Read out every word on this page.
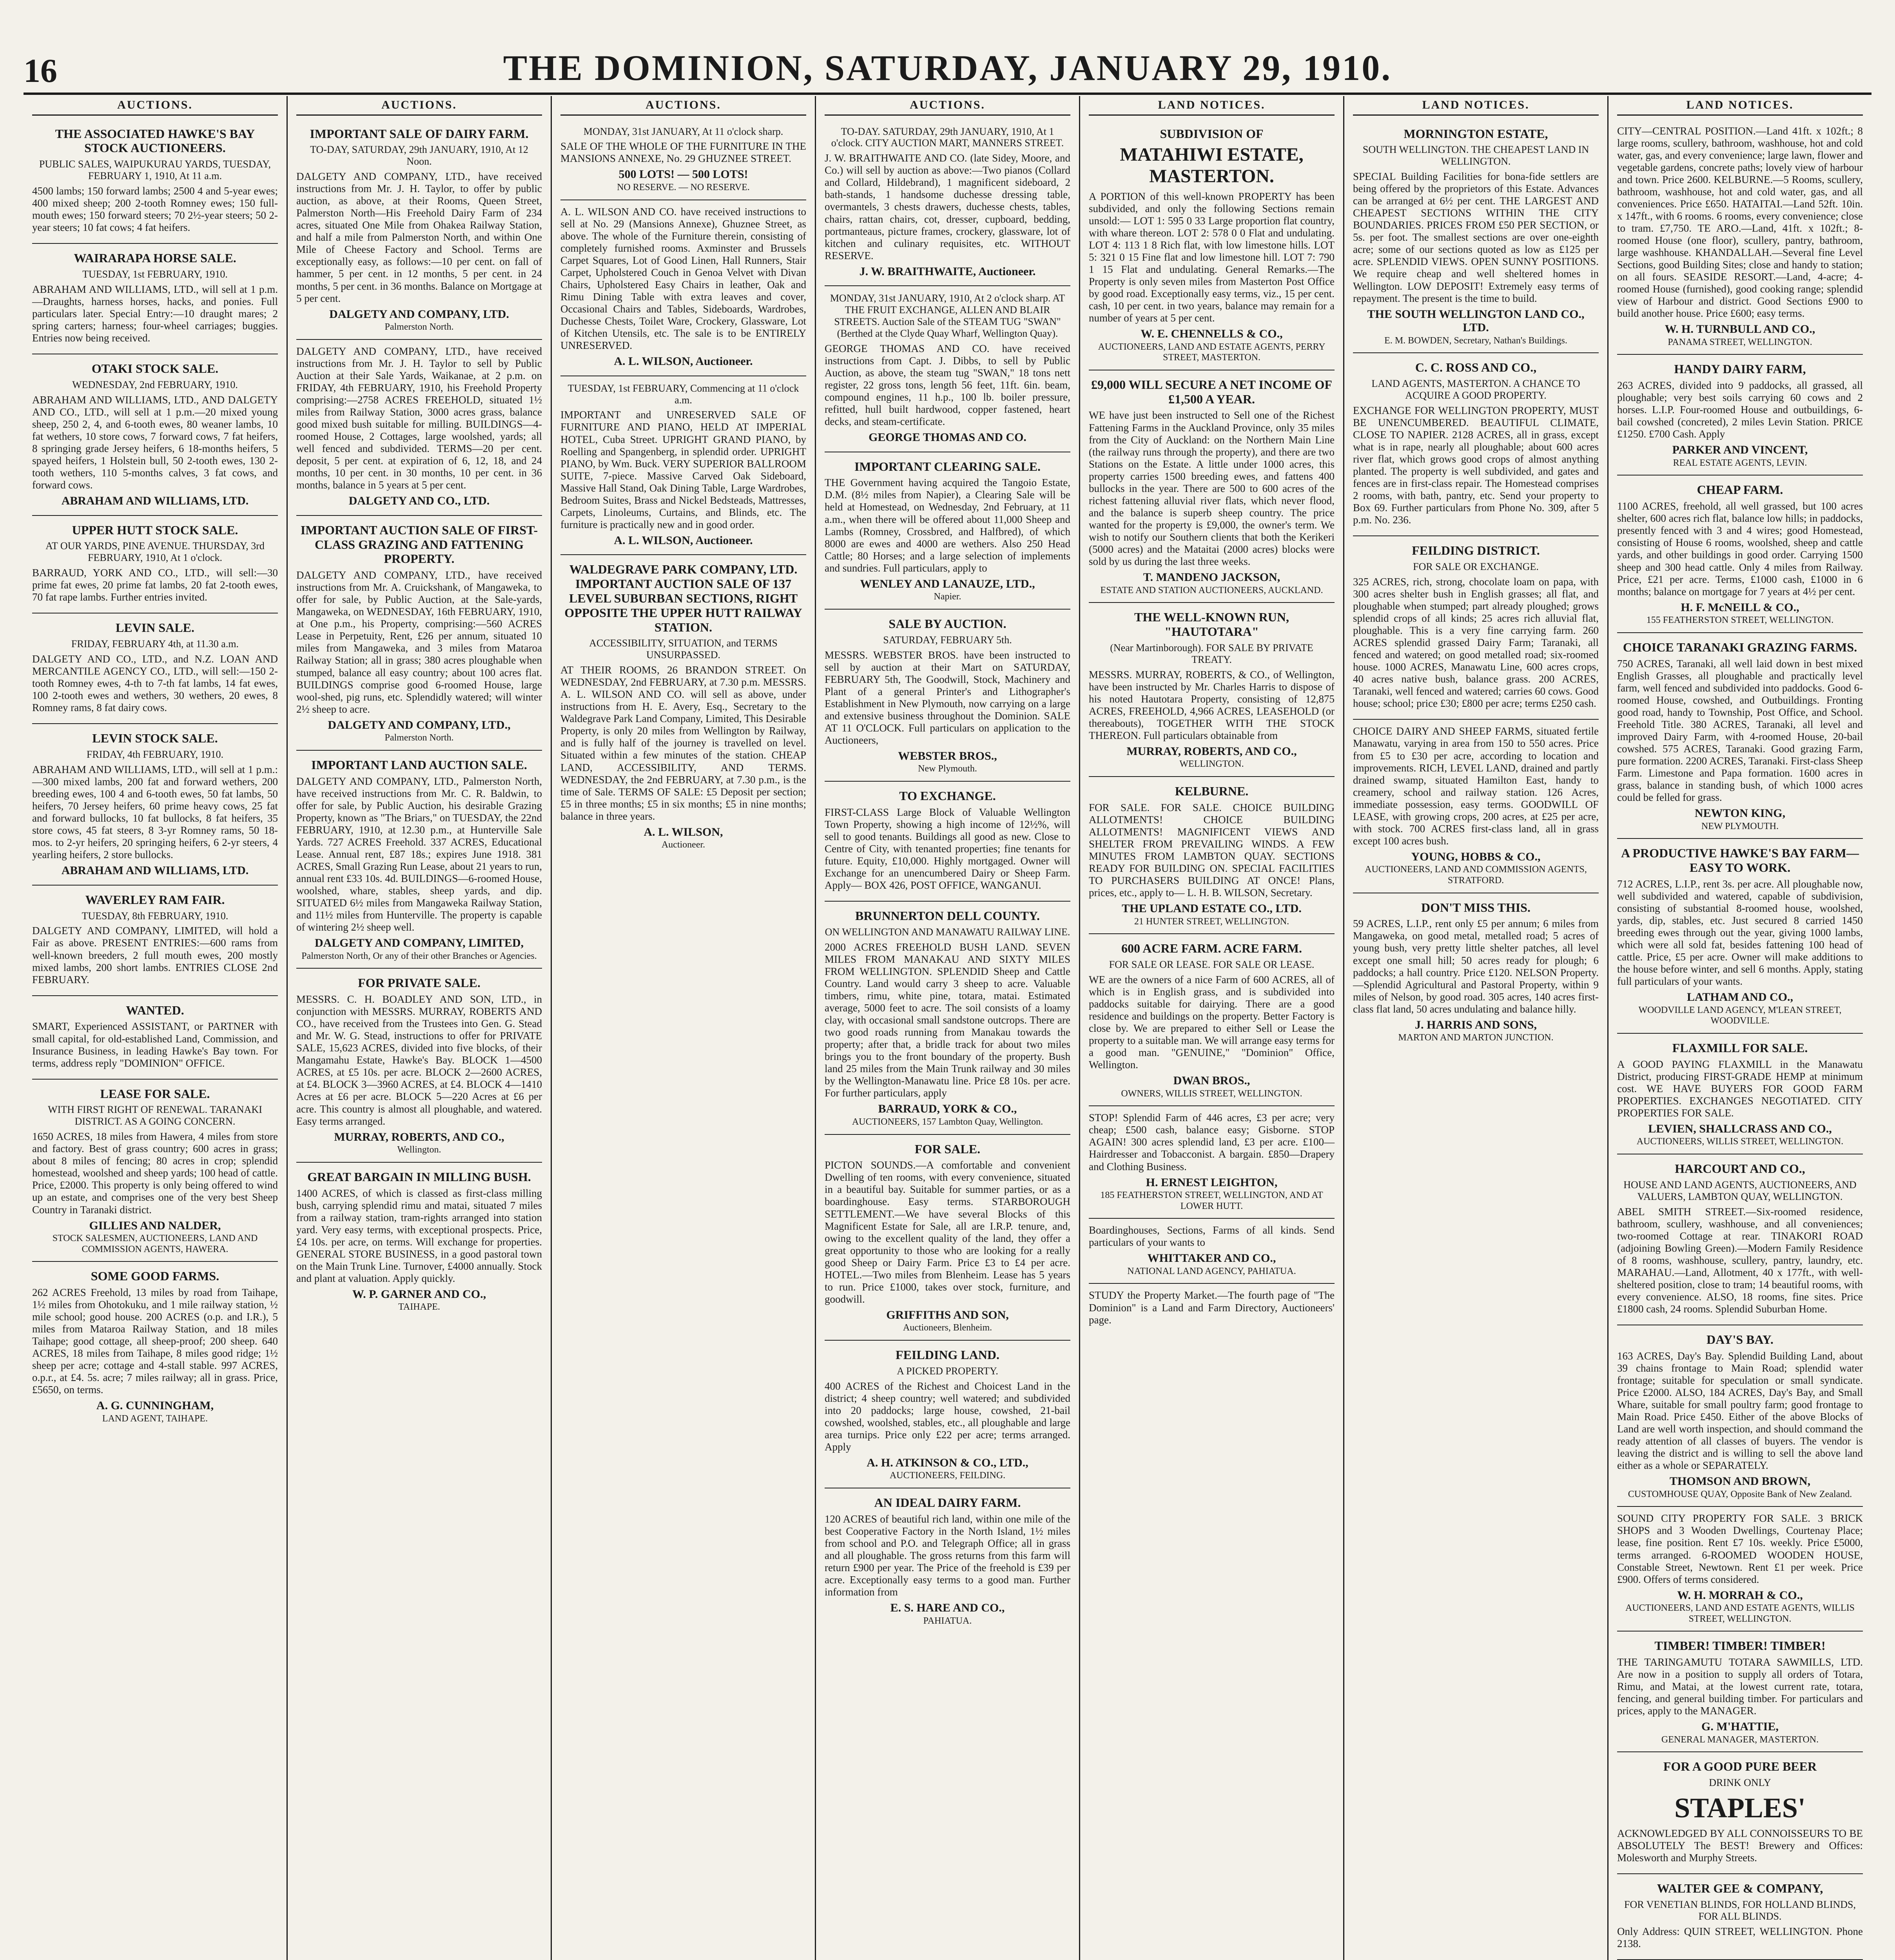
16	THE DOMINION, SATURDAY, JANUARY 29, 1910.
AUCTIONS.
THE ASSOCIATED HAWKE'S BAY STOCK AUCTIONEERS.
PUBLIC SALES, WAIPUKURAU YARDS, TUESDAY, FEBRUARY 1, 1910, At 11 a.m.
4500 lambs; 150 forward lambs; 2500 4 and 5-year ewes; 400 mixed sheep; 200 2-tooth Romney ewes; 150 full-mouth ewes; 150 forward steers; 70 2½-year steers; 50 2-year steers; 10 fat cows; 4 fat heifers.
WAIRARAPA HORSE SALE.
TUESDAY, 1st FEBRUARY, 1910.
ABRAHAM AND WILLIAMS, LTD., will sell at 1 p.m.—Draughts, harness horses, hacks, and ponies. Full particulars later. Special Entry:—10 draught mares; 2 spring carters; harness; four-wheel carriages; buggies. Entries now being received.
OTAKI STOCK SALE.
WEDNESDAY, 2nd FEBRUARY, 1910.
ABRAHAM AND WILLIAMS, LTD., AND DALGETY AND CO., LTD., will sell at 1 p.m.—20 mixed young sheep, 250 2, 4, and 6-tooth ewes, 80 weaner lambs, 10 fat wethers, 10 store cows, 7 forward cows, 7 fat heifers, 8 springing grade Jersey heifers, 6 18-months heifers, 5 spayed heifers, 1 Holstein bull, 50 2-tooth ewes, 130 2-tooth wethers, 110 5-months calves, 3 fat cows, and forward cows.
ABRAHAM AND WILLIAMS, LTD.
UPPER HUTT STOCK SALE.
AT OUR YARDS, PINE AVENUE. THURSDAY, 3rd FEBRUARY, 1910, At 1 o'clock.
BARRAUD, YORK AND CO., LTD., will sell:—30 prime fat ewes, 20 prime fat lambs, 20 fat 2-tooth ewes, 70 fat rape lambs. Further entries invited.
LEVIN SALE.
FRIDAY, FEBRUARY 4th, at 11.30 a.m.
DALGETY AND CO., LTD., and N.Z. LOAN AND MERCANTILE AGENCY CO., LTD., will sell:—150 2-tooth Romney ewes, 4-th to 7-th fat lambs, 14 fat ewes, 100 2-tooth ewes and wethers, 30 wethers, 20 ewes, 8 Romney rams, 8 fat dairy cows.
LEVIN STOCK SALE.
FRIDAY, 4th FEBRUARY, 1910.
ABRAHAM AND WILLIAMS, LTD., will sell at 1 p.m.:—300 mixed lambs, 200 fat and forward wethers, 200 breeding ewes, 100 4 and 6-tooth ewes, 50 fat lambs, 50 heifers, 70 Jersey heifers, 60 prime heavy cows, 25 fat and forward bullocks, 10 fat bullocks, 8 fat heifers, 35 store cows, 45 fat steers, 8 3-yr Romney rams, 50 18-mos. to 2-yr heifers, 20 springing heifers, 6 2-yr steers, 4 yearling heifers, 2 store bullocks.
ABRAHAM AND WILLIAMS, LTD.
WAVERLEY RAM FAIR.
TUESDAY, 8th FEBRUARY, 1910.
DALGETY AND COMPANY, LIMITED, will hold a Fair as above. PRESENT ENTRIES:—600 rams from well-known breeders, 2 full mouth ewes, 200 mostly mixed lambs, 200 short lambs. ENTRIES CLOSE 2nd FEBRUARY.
WANTED.
SMART, Experienced ASSISTANT, or PARTNER with small capital, for old-established Land, Commission, and Insurance Business, in leading Hawke's Bay town. For terms, address reply "DOMINION" OFFICE.
LEASE FOR SALE.
WITH FIRST RIGHT OF RENEWAL. TARANAKI DISTRICT. AS A GOING CONCERN.
1650 ACRES, 18 miles from Hawera, 4 miles from store and factory. Best of grass country; 600 acres in grass; about 8 miles of fencing; 80 acres in crop; splendid homestead, woolshed and sheep yards; 100 head of cattle. Price, £2000. This property is only being offered to wind up an estate, and comprises one of the very best Sheep Country in Taranaki district.
GILLIES AND NALDER,
STOCK SALESMEN, AUCTIONEERS, LAND AND COMMISSION AGENTS, HAWERA.
SOME GOOD FARMS.
262 ACRES Freehold, 13 miles by road from Taihape, 1½ miles from Ohotokuku, and 1 mile railway station, ½ mile school; good house. 200 ACRES (o.p. and I.R.), 5 miles from Mataroa Railway Station, and 18 miles Taihape; good cottage, all sheep-proof; 200 sheep. 640 ACRES, 18 miles from Taihape, 8 miles good ridge; 1½ sheep per acre; cottage and 4-stall stable. 997 ACRES, o.p.r., at £4. 5s. acre; 7 miles railway; all in grass. Price, £5650, on terms.
A. G. CUNNINGHAM,
LAND AGENT, TAIHAPE.
AUCTIONS.
IMPORTANT SALE OF DAIRY FARM.
TO-DAY, SATURDAY, 29th JANUARY, 1910, At 12 Noon.
DALGETY AND COMPANY, LTD., have received instructions from Mr. J. H. Taylor, to offer by public auction, as above, at their Rooms, Queen Street, Palmerston North—His Freehold Dairy Farm of 234 acres, situated One Mile from Ohakea Railway Station, and half a mile from Palmerston North, and within One Mile of Cheese Factory and School. Terms are exceptionally easy, as follows:—10 per cent. on fall of hammer, 5 per cent. in 12 months, 5 per cent. in 24 months, 5 per cent. in 36 months. Balance on Mortgage at 5 per cent.
DALGETY AND COMPANY, LTD.
Palmerston North.
DALGETY AND COMPANY, LTD., have received instructions from Mr. J. H. Taylor to sell by Public Auction at their Sale Yards, Waikanae, at 2 p.m. on FRIDAY, 4th FEBRUARY, 1910, his Freehold Property comprising:—2758 ACRES FREEHOLD, situated 1½ miles from Railway Station, 3000 acres grass, balance good mixed bush suitable for milling. BUILDINGS—4-roomed House, 2 Cottages, large woolshed, yards; all well fenced and subdivided. TERMS—20 per cent. deposit, 5 per cent. at expiration of 6, 12, 18, and 24 months, 10 per cent. in 30 months, 10 per cent. in 36 months, balance in 5 years at 5 per cent.
DALGETY AND CO., LTD.
IMPORTANT AUCTION SALE OF FIRST-CLASS GRAZING AND FATTENING PROPERTY.
DALGETY AND COMPANY, LTD., have received instructions from Mr. A. Cruickshank, of Mangaweka, to offer for sale, by Public Auction, at the Sale-yards, Mangaweka, on WEDNESDAY, 16th FEBRUARY, 1910, at One p.m., his Property, comprising:—560 ACRES Lease in Perpetuity, Rent, £26 per annum, situated 10 miles from Mangaweka, and 3 miles from Mataroa Railway Station; all in grass; 380 acres ploughable when stumped, balance all easy country; about 100 acres flat. BUILDINGS comprise good 6-roomed House, large wool-shed, pig runs, etc. Splendidly watered; will winter 2½ sheep to acre.
DALGETY AND COMPANY, LTD.,
Palmerston North.
IMPORTANT LAND AUCTION SALE.
DALGETY AND COMPANY, LTD., Palmerston North, have received instructions from Mr. C. R. Baldwin, to offer for sale, by Public Auction, his desirable Grazing Property, known as "The Briars," on TUESDAY, the 22nd FEBRUARY, 1910, at 12.30 p.m., at Hunterville Sale Yards. 727 ACRES Freehold. 337 ACRES, Educational Lease. Annual rent, £87 18s.; expires June 1918. 381 ACRES, Small Grazing Run Lease, about 21 years to run, annual rent £33 10s. 4d. BUILDINGS—6-roomed House, woolshed, whare, stables, sheep yards, and dip. SITUATED 6½ miles from Mangaweka Railway Station, and 11½ miles from Hunterville. The property is capable of wintering 2½ sheep well.
DALGETY AND COMPANY, LIMITED,
Palmerston North, Or any of their other Branches or Agencies.
FOR PRIVATE SALE.
MESSRS. C. H. BOADLEY AND SON, LTD., in conjunction with MESSRS. MURRAY, ROBERTS AND CO., have received from the Trustees into Gen. G. Stead and Mr. W. G. Stead, instructions to offer for PRIVATE SALE, 15,623 ACRES, divided into five blocks, of their Mangamahu Estate, Hawke's Bay. BLOCK 1—4500 ACRES, at £5 10s. per acre. BLOCK 2—2600 ACRES, at £4. BLOCK 3—3960 ACRES, at £4. BLOCK 4—1410 Acres at £6 per acre. BLOCK 5—220 Acres at £6 per acre. This country is almost all ploughable, and watered. Easy terms arranged.
MURRAY, ROBERTS, AND CO.,
Wellington.
GREAT BARGAIN IN MILLING BUSH.
1400 ACRES, of which is classed as first-class milling bush, carrying splendid rimu and matai, situated 7 miles from a railway station, tram-rights arranged into station yard. Very easy terms, with exceptional prospects. Price, £4 10s. per acre, on terms. Will exchange for properties. GENERAL STORE BUSINESS, in a good pastoral town on the Main Trunk Line. Turnover, £4000 annually. Stock and plant at valuation. Apply quickly.
W. P. GARNER AND CO.,
TAIHAPE.
AUCTIONS.
MONDAY, 31st JANUARY, At 11 o'clock sharp.
SALE OF THE WHOLE OF THE FURNITURE IN THE MANSIONS ANNEXE, No. 29 GHUZNEE STREET.
500 LOTS! — 500 LOTS!
NO RESERVE. — NO RESERVE.
A. L. WILSON AND CO. have received instructions to sell at No. 29 (Mansions Annexe), Ghuznee Street, as above. The whole of the Furniture therein, consisting of completely furnished rooms. Axminster and Brussels Carpet Squares, Lot of Good Linen, Hall Runners, Stair Carpet, Upholstered Couch in Genoa Velvet with Divan Chairs, Upholstered Easy Chairs in leather, Oak and Rimu Dining Table with extra leaves and cover, Occasional Chairs and Tables, Sideboards, Wardrobes, Duchesse Chests, Toilet Ware, Crockery, Glassware, Lot of Kitchen Utensils, etc. The sale is to be ENTIRELY UNRESERVED.
A. L. WILSON, Auctioneer.
TUESDAY, 1st FEBRUARY, Commencing at 11 o'clock a.m.
IMPORTANT and UNRESERVED SALE OF FURNITURE AND PIANO, HELD AT IMPERIAL HOTEL, Cuba Street. UPRIGHT GRAND PIANO, by Roelling and Spangenberg, in splendid order. UPRIGHT PIANO, by Wm. Buck. VERY SUPERIOR BALLROOM SUITE, 7-piece. Massive Carved Oak Sideboard, Massive Hall Stand, Oak Dining Table, Large Wardrobes, Bedroom Suites, Brass and Nickel Bedsteads, Mattresses, Carpets, Linoleums, Curtains, and Blinds, etc. The furniture is practically new and in good order.
A. L. WILSON, Auctioneer.
WALDEGRAVE PARK COMPANY, LTD. IMPORTANT AUCTION SALE OF 137 LEVEL SUBURBAN SECTIONS, RIGHT OPPOSITE THE UPPER HUTT RAILWAY STATION.
ACCESSIBILITY, SITUATION, and TERMS UNSURPASSED.
AT THEIR ROOMS, 26 BRANDON STREET. On WEDNESDAY, 2nd FEBRUARY, at 7.30 p.m. MESSRS. A. L. WILSON AND CO. will sell as above, under instructions from H. E. Avery, Esq., Secretary to the Waldegrave Park Land Company, Limited, This Desirable Property, is only 20 miles from Wellington by Railway, and is fully half of the journey is travelled on level. Situated within a few minutes of the station. CHEAP LAND, ACCESSIBILITY, AND TERMS. WEDNESDAY, the 2nd FEBRUARY, at 7.30 p.m., is the time of Sale. TERMS OF SALE: £5 Deposit per section; £5 in three months; £5 in six months; £5 in nine months; balance in three years.
A. L. WILSON,
Auctioneer.
AUCTIONS.
TO-DAY. SATURDAY, 29th JANUARY, 1910, At 1 o'clock. CITY AUCTION MART, MANNERS STREET.
J. W. BRAITHWAITE AND CO. (late Sidey, Moore, and Co.) will sell by auction as above:—Two pianos (Collard and Collard, Hildebrand), 1 magnificent sideboard, 2 bath-stands, 1 handsome duchesse dressing table, overmantels, 3 chests drawers, duchesse chests, tables, chairs, rattan chairs, cot, dresser, cupboard, bedding, portmanteaus, picture frames, crockery, glassware, lot of kitchen and culinary requisites, etc. WITHOUT RESERVE.
J. W. BRAITHWAITE, Auctioneer.
MONDAY, 31st JANUARY, 1910, At 2 o'clock sharp. AT THE FRUIT EXCHANGE, ALLEN AND BLAIR STREETS. Auction Sale of the STEAM TUG "SWAN" (Berthed at the Clyde Quay Wharf, Wellington Quay).
GEORGE THOMAS AND CO. have received instructions from Capt. J. Dibbs, to sell by Public Auction, as above, the steam tug "SWAN," 18 tons nett register, 22 gross tons, length 56 feet, 11ft. 6in. beam, compound engines, 11 h.p., 100 lb. boiler pressure, refitted, hull built hardwood, copper fastened, heart decks, and steam-certificate.
GEORGE THOMAS AND CO.
IMPORTANT CLEARING SALE.
THE Government having acquired the Tangoio Estate, D.M. (8½ miles from Napier), a Clearing Sale will be held at Homestead, on Wednesday, 2nd February, at 11 a.m., when there will be offered about 11,000 Sheep and Lambs (Romney, Crossbred, and Halfbred), of which 8000 are ewes and 4000 are wethers. Also 250 Head Cattle; 80 Horses; and a large selection of implements and sundries. Full particulars, apply to
WENLEY AND LANAUZE, LTD.,
Napier.
SALE BY AUCTION.
SATURDAY, FEBRUARY 5th.
MESSRS. WEBSTER BROS. have been instructed to sell by auction at their Mart on SATURDAY, FEBRUARY 5th, The Goodwill, Stock, Machinery and Plant of a general Printer's and Lithographer's Establishment in New Plymouth, now carrying on a large and extensive business throughout the Dominion. SALE AT 11 O'CLOCK. Full particulars on application to the Auctioneers,
WEBSTER BROS.,
New Plymouth.
TO EXCHANGE.
FIRST-CLASS Large Block of Valuable Wellington Town Property, showing a high income of 12½%, will sell to good tenants. Buildings all good as new. Close to Centre of City, with tenanted properties; fine tenants for future. Equity, £10,000. Highly mortgaged. Owner will Exchange for an unencumbered Dairy or Sheep Farm. Apply— BOX 426, POST OFFICE, WANGANUI.
BRUNNERTON DELL COUNTY.
ON WELLINGTON AND MANAWATU RAILWAY LINE.
2000 ACRES FREEHOLD BUSH LAND. SEVEN MILES FROM MANAKAU AND SIXTY MILES FROM WELLINGTON. SPLENDID Sheep and Cattle Country. Land would carry 3 sheep to acre. Valuable timbers, rimu, white pine, totara, matai. Estimated average, 5000 feet to acre. The soil consists of a loamy clay, with occasional small sandstone outcrops. There are two good roads running from Manakau towards the property; after that, a bridle track for about two miles brings you to the front boundary of the property. Bush land 25 miles from the Main Trunk railway and 30 miles by the Wellington-Manawatu line. Price £8 10s. per acre. For further particulars, apply
BARRAUD, YORK & CO.,
AUCTIONEERS, 157 Lambton Quay, Wellington.
FOR SALE.
PICTON SOUNDS.—A comfortable and convenient Dwelling of ten rooms, with every convenience, situated in a beautiful bay. Suitable for summer parties, or as a boardinghouse. Easy terms. STARBOROUGH SETTLEMENT.—We have several Blocks of this Magnificent Estate for Sale, all are I.R.P. tenure, and, owing to the excellent quality of the land, they offer a great opportunity to those who are looking for a really good Sheep or Dairy Farm. Price £3 to £4 per acre. HOTEL.—Two miles from Blenheim. Lease has 5 years to run. Price £1000, takes over stock, furniture, and goodwill.
GRIFFITHS AND SON,
Auctioneers, Blenheim.
FEILDING LAND.
A PICKED PROPERTY.
400 ACRES of the Richest and Choicest Land in the district; 4 sheep country; well watered; and subdivided into 20 paddocks; large house, cowshed, 21-bail cowshed, woolshed, stables, etc., all ploughable and large area turnips. Price only £22 per acre; terms arranged. Apply
A. H. ATKINSON & CO., LTD.,
AUCTIONEERS, FEILDING.
AN IDEAL DAIRY FARM.
120 ACRES of beautiful rich land, within one mile of the best Cooperative Factory in the North Island, 1½ miles from school and P.O. and Telegraph Office; all in grass and all ploughable. The gross returns from this farm will return £900 per year. The Price of the freehold is £39 per acre. Exceptionally easy terms to a good man. Further information from
E. S. HARE AND CO.,
PAHIATUA.
LAND NOTICES.
SUBDIVISION OF
MATAHIWI ESTATE, MASTERTON.
A PORTION of this well-known PROPERTY has been subdivided, and only the following Sections remain unsold:— LOT 1: 595 0 33 Large proportion flat country, with whare thereon. LOT 2: 578 0 0 Flat and undulating. LOT 4: 113 1 8 Rich flat, with low limestone hills. LOT 5: 321 0 15 Fine flat and low limestone hill. LOT 7: 790 1 15 Flat and undulating. General Remarks.—The Property is only seven miles from Masterton Post Office by good road. Exceptionally easy terms, viz., 15 per cent. cash, 10 per cent. in two years, balance may remain for a number of years at 5 per cent.
W. E. CHENNELLS & CO.,
AUCTIONEERS, LAND AND ESTATE AGENTS, PERRY STREET, MASTERTON.
£9,000 WILL SECURE A NET INCOME OF £1,500 A YEAR.
WE have just been instructed to Sell one of the Richest Fattening Farms in the Auckland Province, only 35 miles from the City of Auckland: on the Northern Main Line (the railway runs through the property), and there are two Stations on the Estate. A little under 1000 acres, this property carries 1500 breeding ewes, and fattens 400 bullocks in the year. There are 500 to 600 acres of the richest fattening alluvial river flats, which never flood, and the balance is superb sheep country. The price wanted for the property is £9,000, the owner's term. We wish to notify our Southern clients that both the Kerikeri (5000 acres) and the Mataitai (2000 acres) blocks were sold by us during the last three weeks.
T. MANDENO JACKSON,
ESTATE AND STATION AUCTIONEERS, AUCKLAND.
THE WELL-KNOWN RUN, "HAUTOTARA"
(Near Martinborough). FOR SALE BY PRIVATE TREATY.
MESSRS. MURRAY, ROBERTS, & CO., of Wellington, have been instructed by Mr. Charles Harris to dispose of his noted Hautotara Property, consisting of 12,875 ACRES, FREEHOLD, 4,966 ACRES, LEASEHOLD (or thereabouts), TOGETHER WITH THE STOCK THEREON. Full particulars obtainable from
MURRAY, ROBERTS, AND CO.,
WELLINGTON.
KELBURNE.
FOR SALE. FOR SALE. CHOICE BUILDING ALLOTMENTS! CHOICE BUILDING ALLOTMENTS! MAGNIFICENT VIEWS AND SHELTER FROM PREVAILING WINDS. A FEW MINUTES FROM LAMBTON QUAY. SECTIONS READY FOR BUILDING ON. SPECIAL FACILITIES TO PURCHASERS BUILDING AT ONCE! Plans, prices, etc., apply to— L. H. B. WILSON, Secretary.
THE UPLAND ESTATE CO., LTD.
21 HUNTER STREET, WELLINGTON.
600 ACRE FARM. ACRE FARM.
FOR SALE OR LEASE. FOR SALE OR LEASE.
WE are the owners of a nice Farm of 600 ACRES, all of which is in English grass, and is subdivided into paddocks suitable for dairying. There are a good residence and buildings on the property. Better Factory is close by. We are prepared to either Sell or Lease the property to a suitable man. We will arrange easy terms for a good man. "GENUINE," "Dominion" Office, Wellington.
DWAN BROS.,
OWNERS, WILLIS STREET, WELLINGTON.
STOP! Splendid Farm of 446 acres, £3 per acre; very cheap; £500 cash, balance easy; Gisborne. STOP AGAIN! 300 acres splendid land, £3 per acre. £100—Hairdresser and Tobacconist. A bargain. £850—Drapery and Clothing Business.
H. ERNEST LEIGHTON,
185 FEATHERSTON STREET, WELLINGTON, AND AT LOWER HUTT.
Boardinghouses, Sections, Farms of all kinds. Send particulars of your wants to
WHITTAKER AND CO.,
NATIONAL LAND AGENCY, PAHIATUA.
STUDY the Property Market.—The fourth page of "The Dominion" is a Land and Farm Directory, Auctioneers' page.
LAND NOTICES.
MORNINGTON ESTATE,
SOUTH WELLINGTON. THE CHEAPEST LAND IN WELLINGTON.
SPECIAL Building Facilities for bona-fide settlers are being offered by the proprietors of this Estate. Advances can be arranged at 6½ per cent. THE LARGEST AND CHEAPEST SECTIONS WITHIN THE CITY BOUNDARIES. PRICES FROM £50 PER SECTION, or 5s. per foot. The smallest sections are over one-eighth acre; some of our sections quoted as low as £125 per acre. SPLENDID VIEWS. OPEN SUNNY POSITIONS. We require cheap and well sheltered homes in Wellington. LOW DEPOSIT! Extremely easy terms of repayment. The present is the time to build.
THE SOUTH WELLINGTON LAND CO., LTD.
E. M. BOWDEN, Secretary, Nathan's Buildings.
C. C. ROSS AND CO.,
LAND AGENTS, MASTERTON. A CHANCE TO ACQUIRE A GOOD PROPERTY.
EXCHANGE FOR WELLINGTON PROPERTY, MUST BE UNENCUMBERED. BEAUTIFUL CLIMATE, CLOSE TO NAPIER. 2128 ACRES, all in grass, except what is in rape, nearly all ploughable; about 600 acres river flat, which grows good crops of almost anything planted. The property is well subdivided, and gates and fences are in first-class repair. The Homestead comprises 2 rooms, with bath, pantry, etc. Send your property to Box 69. Further particulars from Phone No. 309, after 5 p.m. No. 236.
FEILDING DISTRICT.
FOR SALE OR EXCHANGE.
325 ACRES, rich, strong, chocolate loam on papa, with 300 acres shelter bush in English grasses; all flat, and ploughable when stumped; part already ploughed; grows splendid crops of all kinds; 25 acres rich alluvial flat, ploughable. This is a very fine carrying farm. 260 ACRES splendid grassed Dairy Farm; Taranaki, all fenced and watered; on good metalled road; six-roomed house. 1000 ACRES, Manawatu Line, 600 acres crops, 40 acres native bush, balance grass. 200 ACRES, Taranaki, well fenced and watered; carries 60 cows. Good house; school; price £30; £800 per acre; terms £250 cash.
CHOICE DAIRY AND SHEEP FARMS, situated fertile Manawatu, varying in area from 150 to 550 acres. Price from £5 to £30 per acre, according to location and improvements. RICH, LEVEL LAND, drained and partly drained swamp, situated Hamilton East, handy to creamery, school and railway station. 126 Acres, immediate possession, easy terms. GOODWILL OF LEASE, with growing crops, 200 acres, at £25 per acre, with stock. 700 ACRES first-class land, all in grass except 100 acres bush.
YOUNG, HOBBS & CO.,
AUCTIONEERS, LAND AND COMMISSION AGENTS, STRATFORD.
DON'T MISS THIS.
59 ACRES, L.I.P., rent only £5 per annum; 6 miles from Mangaweka, on good metal, metalled road; 5 acres of young bush, very pretty little shelter patches, all level except one small hill; 50 acres ready for plough; 6 paddocks; a hall country. Price £120. NELSON Property.—Splendid Agricultural and Pastoral Property, within 9 miles of Nelson, by good road. 305 acres, 140 acres first-class flat land, 50 acres undulating and balance hilly.
J. HARRIS AND SONS,
MARTON AND MARTON JUNCTION.
LAND NOTICES.
CITY—CENTRAL POSITION.—Land 41ft. x 102ft.; 8 large rooms, scullery, bathroom, washhouse, hot and cold water, gas, and every convenience; large lawn, flower and vegetable gardens, concrete paths; lovely view of harbour and town. Price 2600. KELBURNE.—5 Rooms, scullery, bathroom, washhouse, hot and cold water, gas, and all conveniences. Price £650. HATAITAI.—Land 52ft. 10in. x 147ft., with 6 rooms. 6 rooms, every convenience; close to tram. £7,750. TE ARO.—Land, 41ft. x 102ft.; 8-roomed House (one floor), scullery, pantry, bathroom, large washhouse. KHANDALLAH.—Several fine Level Sections, good Building Sites; close and handy to station; on all fours. SEASIDE RESORT.—Land, 4-acre; 4-roomed House (furnished), good cooking range; splendid view of Harbour and district. Good Sections £900 to build another house. Price £600; easy terms.
W. H. TURNBULL AND CO.,
PANAMA STREET, WELLINGTON.
HANDY DAIRY FARM,
263 ACRES, divided into 9 paddocks, all grassed, all ploughable; very best soils carrying 60 cows and 2 horses. L.I.P. Four-roomed House and outbuildings, 6-bail cowshed (concreted), 2 miles Levin Station. PRICE £1250. £700 Cash. Apply
PARKER AND VINCENT,
REAL ESTATE AGENTS, LEVIN.
CHEAP FARM.
1100 ACRES, freehold, all well grassed, but 100 acres shelter, 600 acres rich flat, balance low hills; in paddocks, presently fenced with 3 and 4 wires; good Homestead, consisting of House 6 rooms, woolshed, sheep and cattle yards, and other buildings in good order. Carrying 1500 sheep and 300 head cattle. Only 4 miles from Railway. Price, £21 per acre. Terms, £1000 cash, £1000 in 6 months; balance on mortgage for 7 years at 4½ per cent.
H. F. McNEILL & CO.,
155 FEATHERSTON STREET, WELLINGTON.
CHOICE TARANAKI GRAZING FARMS.
750 ACRES, Taranaki, all well laid down in best mixed English Grasses, all ploughable and practically level farm, well fenced and subdivided into paddocks. Good 6-roomed House, cowshed, and Outbuildings. Fronting good road, handy to Township, Post Office, and School. Freehold Title. 380 ACRES, Taranaki, all level and improved Dairy Farm, with 4-roomed House, 20-bail cowshed. 575 ACRES, Taranaki. Good grazing Farm, pure formation. 2200 ACRES, Taranaki. First-class Sheep Farm. Limestone and Papa formation. 1600 acres in grass, balance in standing bush, of which 1000 acres could be felled for grass.
NEWTON KING,
NEW PLYMOUTH.
A PRODUCTIVE HAWKE'S BAY FARM—EASY TO WORK.
712 ACRES, L.I.P., rent 3s. per acre. All ploughable now, well subdivided and watered, capable of subdivision, consisting of substantial 8-roomed house, woolshed, yards, dip, stables, etc. Just secured 8 carried 1450 breeding ewes through out the year, giving 1000 lambs, which were all sold fat, besides fattening 100 head of cattle. Price, £5 per acre. Owner will make additions to the house before winter, and sell 6 months. Apply, stating full particulars of your wants.
LATHAM AND CO.,
WOODVILLE LAND AGENCY, M'LEAN STREET, WOODVILLE.
FLAXMILL FOR SALE.
A GOOD PAYING FLAXMILL in the Manawatu District, producing FIRST-GRADE HEMP at minimum cost. WE HAVE BUYERS FOR GOOD FARM PROPERTIES. EXCHANGES NEGOTIATED. CITY PROPERTIES FOR SALE.
LEVIEN, SHALLCRASS AND CO.,
AUCTIONEERS, WILLIS STREET, WELLINGTON.
HARCOURT AND CO.,
HOUSE AND LAND AGENTS, AUCTIONEERS, AND VALUERS, LAMBTON QUAY, WELLINGTON.
ABEL SMITH STREET.—Six-roomed residence, bathroom, scullery, washhouse, and all conveniences; two-roomed Cottage at rear. TINAKORI ROAD (adjoining Bowling Green).—Modern Family Residence of 8 rooms, washhouse, scullery, pantry, laundry, etc. MARAHAU.—Land, Allotment, 40 x 177ft., with well-sheltered position, close to tram; 14 beautiful rooms, with every convenience. ALSO, 18 rooms, fine sites. Price £1800 cash, 24 rooms. Splendid Suburban Home.
DAY'S BAY.
163 ACRES, Day's Bay. Splendid Building Land, about 39 chains frontage to Main Road; splendid water frontage; suitable for speculation or small syndicate. Price £2000. ALSO, 184 ACRES, Day's Bay, and Small Whare, suitable for small poultry farm; good frontage to Main Road. Price £450. Either of the above Blocks of Land are well worth inspection, and should command the ready attention of all classes of buyers. The vendor is leaving the district and is willing to sell the above land either as a whole or SEPARATELY.
THOMSON AND BROWN,
CUSTOMHOUSE QUAY, Opposite Bank of New Zealand.
SOUND CITY PROPERTY FOR SALE. 3 BRICK SHOPS and 3 Wooden Dwellings, Courtenay Place; lease, fine position. Rent £7 10s. weekly. Price £5000, terms arranged. 6-ROOMED WOODEN HOUSE, Constable Street, Newtown. Rent £1 per week. Price £900. Offers of terms considered.
W. H. MORRAH & CO.,
AUCTIONEERS, LAND AND ESTATE AGENTS, WILLIS STREET, WELLINGTON.
TIMBER! TIMBER! TIMBER!
THE TARINGAMUTU TOTARA SAWMILLS, LTD. Are now in a position to supply all orders of Totara, Rimu, and Matai, at the lowest current rate, totara, fencing, and general building timber. For particulars and prices, apply to the MANAGER.
G. M'HATTIE,
GENERAL MANAGER, MASTERTON.
FOR A GOOD PURE BEER
DRINK ONLY
STAPLES'
ACKNOWLEDGED BY ALL CONNOISSEURS TO BE ABSOLUTELY The BEST! Brewery and Offices: Molesworth and Murphy Streets.
WALTER GEE & COMPANY,
FOR VENETIAN BLINDS, FOR HOLLAND BLINDS, FOR ALL BLINDS.
Only Address: QUIN STREET, WELLINGTON. Phone 2138.
